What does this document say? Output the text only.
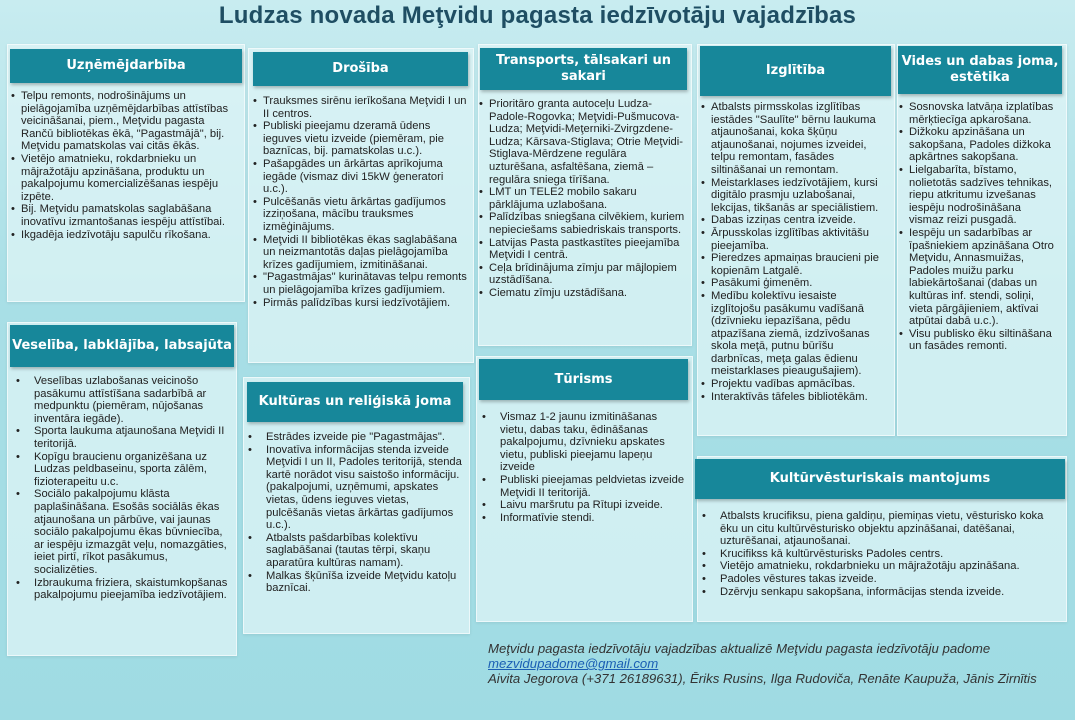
Ludzas novada Meţvidu pagasta iedzīvotāju vajadzības
Uzņēmējdarbība
• Telpu remonts, nodrošinājums un pielāgojamība uzņēmējdarbības attīstības veicināšanai, piem., Meţvidu pagasta Rančū bibliotēkas ēkā, "Pagastmājā", bij. Meţvidu pamatskolas vai citās ēkās.
• Vietējo amatnieku, rokdarbnieku un mājražotāju apzināšana, produktu un pakalpojumu komercializēšanas iespēju izpēte.
• Bij. Meţvidu pamatskolas saglabāšana inovatīvu izmantošanas iespēju attīstībai.
• Ikgadēja iedzīvotāju sapulču rīkošana.
Drošība
• Trauksmes sirēnu ierīkošana Meţvidi I un II centros.
• Publiski pieejamu dzeramā ūdens ieguves vietu izveide (piemēram, pie baznīcas, bij. pamatskolas u.c.).
• Pašapgādes un ārkārtas aprīkojuma iegāde (vismaz divi 15kW ģeneratori u.c.).
• Pulcēšanās vietu ārkārtas gadījumos izziņošana, mācību trauksmes izmēģinājums.
• Meţvidi II bibliotēkas ēkas saglabāšana un neizmantotās daļas pielāgojamība krīzes gadījumiem, izmitināšanai.
• "Pagastmājas" kurinātavas telpu remonts un pielāgojamība krīzes gadījumiem.
• Pirmās palīdzības kursi iedzīvotājiem.
Transports, tālsakari un sakari
• Prioritāro granta autoceļu Ludza-Padole-Rogovka; Meţvidi-Pušmucova-Ludza; Meţvidi-Meţerniki-Zvirgzdene-Ludza; Kārsava-Stiglava; Otrie Meţvidi-Stiglava-Mērdzene regulāra uzturēšana, asfaltēšana, ziemā – regulāra sniega tīrīšana.
• LMT un TELE2 mobilo sakaru pārklājuma uzlabošana.
• Palīdzības sniegšana cilvēkiem, kuriem nepieciešams sabiedriskais transports.
• Latvijas Pasta pastkastītes pieejamība Meţvidi I centrā.
• Ceļa brīdinājuma zīmju par mājlopiem uzstādīšana.
• Ciematu zīmju uzstādīšana.
Izglītība
• Atbalsts pirmsskolas izglītības iestādes "Saulīte" bērnu laukuma atjaunošanai, koka šķūņu atjaunošanai, nojumes izveidei, telpu remontam, fasādes siltināšanai un remontam.
• Meistarklases iedzīvotājiem, kursi digitālo prasmju uzlabošanai, lekcijas, tikšanās ar speciālistiem.
• Dabas izziņas centra izveide.
• Ārpusskolas izglītības aktivitāšu pieejamība.
• Pieredzes apmaiņas braucieni pie kopienām Latgalē.
• Pasākumi ģimenēm.
• Medību kolektīvu iesaiste izglītojošu pasākumu vadīšanā (dzīvnieku iepazīšana, pēdu atpazīšana ziemā, izdzīvošanas skola meţā, putnu būrīšu darbnīcas, meţa galas ēdienu meistarklases pieaugušajiem).
• Projektu vadības apmācības.
• Interaktīvās tāfeles bibliotēkām.
Vides un dabas joma, estētika
• Sosnovska latvāņa izplatības mērķtiecīga apkarošana.
• Dižkoku apzināšana un sakopšana, Padoles dižkoka apkārtnes sakopšana.
• Lielgabarīta, bīstamo, nolietotās sadzīves tehnikas, riepu atkritumu izvešanas iespēju nodrošināšana vismaz reizi pusgadā.
• Iespēju un sadarbības ar īpašniekiem apzināšana Otro Meţvidu, Annasmuižas, Padoles muižu parku labiekārtošanai (dabas un kultūras inf. stendi, soliņi, vieta pārgājieniem, aktīvai atpūtai dabā u.c.).
• Visu publisko ēku siltināšana un fasādes remonti.
Veselība, labklājība, labsajūta
• Veselības uzlabošanas veicinošo pasākumu attīstīšana sadarbībā ar medpunktu (piemēram, nūjošanas inventāra iegāde).
• Sporta laukuma atjaunošana Meţvidi II teritorijā.
• Kopīgu braucienu organizēšana uz Ludzas peldbaseinu, sporta zālēm, fizioterapeitu u.c.
• Sociālo pakalpojumu klāsta paplašināšana. Esošās sociālās ēkas atjaunošana un pārbūve, vai jaunas sociālo pakalpojumu ēkas būvniecība, ar iespēju izmazgāt veļu, nomazgāties, ieiet pirtī, rīkot pasākumus, socializēties.
• Izbraukuma friziera, skaistumkopšanas pakalpojumu pieejamība iedzīvotājiem.
Kultūras un reliģiskā joma
• Estrādes izveide pie "Pagastmājas".
• Inovatīva informācijas stenda izveide Meţvidi I un II, Padoles teritorijā, stenda kartē norādot visu saistošo informāciju. (pakalpojumi, uzņēmumi, apskates vietas, ūdens ieguves vietas, pulcēšanās vietas ārkārtas gadījumos u.c.).
• Atbalsts pašdarbības kolektīvu saglabāšanai (tautas tērpi, skaņu aparatūra kultūras namam).
• Malkas šķūnīša izveide Meţvidu katoļu baznīcai.
Tūrisms
• Vismaz 1-2 jaunu izmitināšanas vietu, dabas taku, ēdināšanas pakalpojumu, dzīvnieku apskates vietu, publiski pieejamu lapeņu izveide
• Publiski pieejamas peldvietas izveide Meţvidi II teritorijā.
• Laivu maršrutu pa Rītupi izveide.
• Informatīvie stendi.
Kultūrvēsturiskais mantojums
• Atbalsts krucifiksu, piena galdiņu, piemiņas vietu, vēsturisko koka ēku un citu kultūrvēsturisko objektu apzināšanai, datēšanai, uzturēšanai, atjaunošanai.
• Krucifikss kā kultūrvēsturisks Padoles centrs.
• Vietējo amatnieku, rokdarbnieku un mājražotāju apzināšana.
• Padoles vēstures takas izveide.
• Dzērvju senkapu sakopšana, informācijas stenda izveide.
Meţvidu pagasta iedzīvotāju vajadzības aktualizē Meţvidu pagasta iedzīvotāju padome
mezvidupadome@gmail.com
Aivita Jegorova (+371 26189631), Ēriks Rusins, Ilga Rudoviča, Renāte Kaupuža, Jānis Zirnītis
